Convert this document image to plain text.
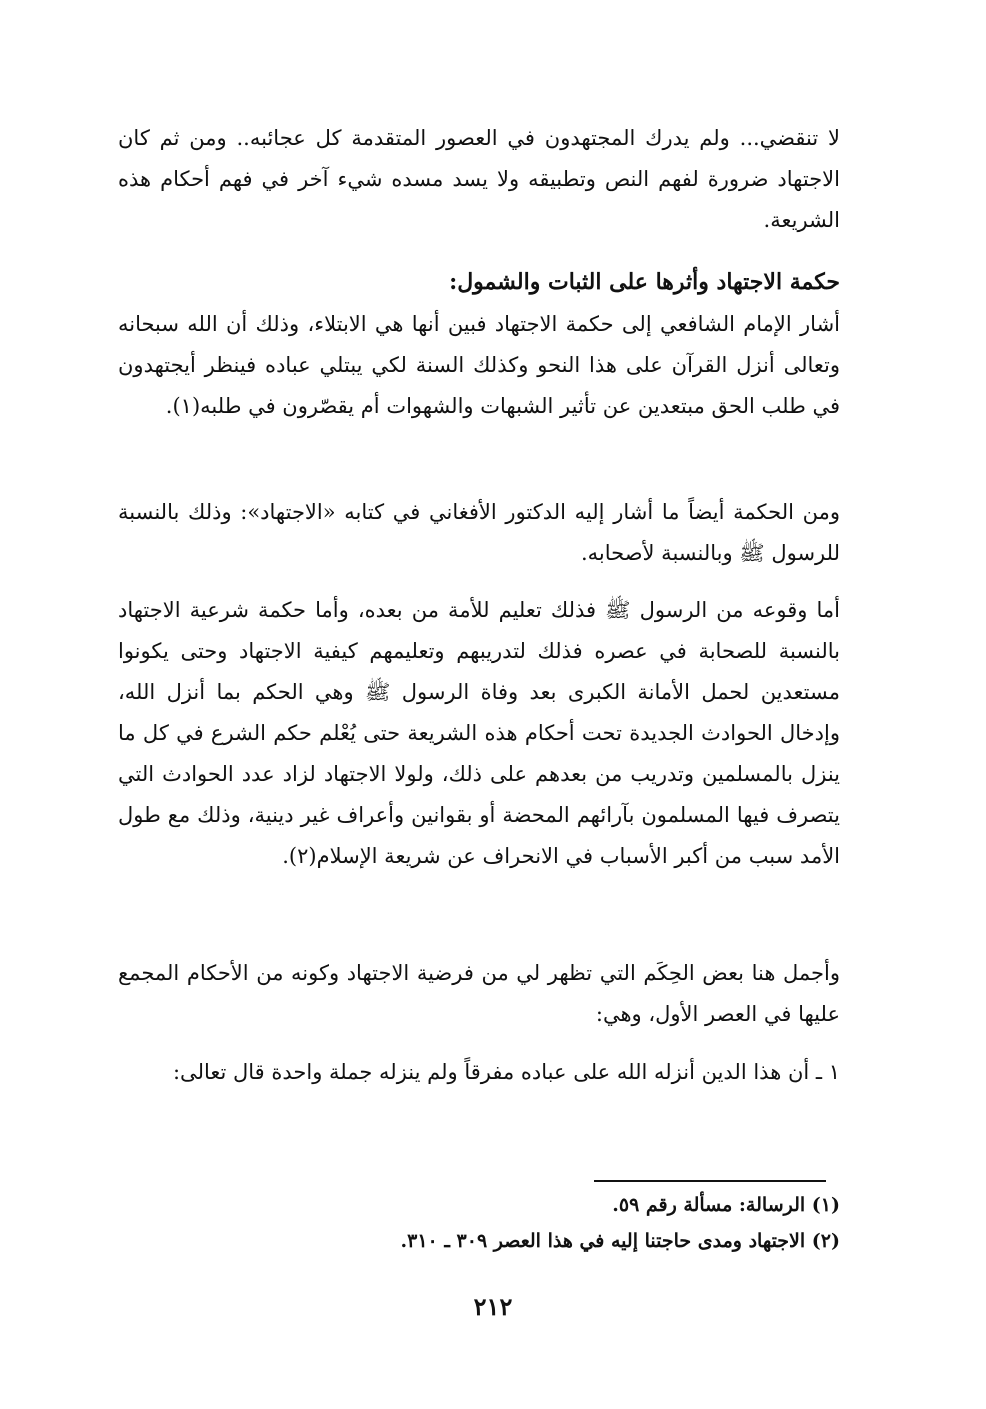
لا تنقضي... ولم يدرك المجتهدون في العصور المتقدمة كل عجائبه.. ومن ثم كان الاجتهاد ضرورة لفهم النص وتطبيقه ولا يسد مسده شيء آخر في فهم أحكام هذه الشريعة.

حكمة الاجتهاد وأثرها على الثبات والشمول:

أشار الإمام الشافعي إلى حكمة الاجتهاد فبين أنها هي الابتلاء، وذلك أن الله سبحانه وتعالى أنزل القرآن على هذا النحو وكذلك السنة لكي يبتلي عباده فينظر أيجتهدون في طلب الحق مبتعدين عن تأثير الشبهات والشهوات أم يقصّرون في طلبه(١).

ومن الحكمة أيضاً ما أشار إليه الدكتور الأفغاني في كتابه «الاجتهاد»: وذلك بالنسبة للرسول ﷺ وبالنسبة لأصحابه.

أما وقوعه من الرسول ﷺ فذلك تعليم للأمة من بعده، وأما حكمة شرعية الاجتهاد بالنسبة للصحابة في عصره فذلك لتدريبهم وتعليمهم كيفية الاجتهاد وحتى يكونوا مستعدين لحمل الأمانة الكبرى بعد وفاة الرسول ﷺ وهي الحكم بما أنزل الله، وإدخال الحوادث الجديدة تحت أحكام هذه الشريعة حتى يُعْلم حكم الشرع في كل ما ينزل بالمسلمين وتدريب من بعدهم على ذلك، ولولا الاجتهاد لزاد عدد الحوادث التي يتصرف فيها المسلمون بآرائهم المحضة أو بقوانين وأعراف غير دينية، وذلك مع طول الأمد سبب من أكبر الأسباب في الانحراف عن شريعة الإسلام(٢).

وأجمل هنا بعض الحِكَم التي تظهر لي من فرضية الاجتهاد وكونه من الأحكام المجمع عليها في العصر الأول، وهي:

١ ـ أن هذا الدين أنزله الله على عباده مفرقاً ولم ينزله جملة واحدة قال تعالى:

(١) الرسالة: مسألة رقم ٥٩.

(٢) الاجتهاد ومدى حاجتنا إليه في هذا العصر ٣٠٩ ـ ٣١٠.

٢١٢
